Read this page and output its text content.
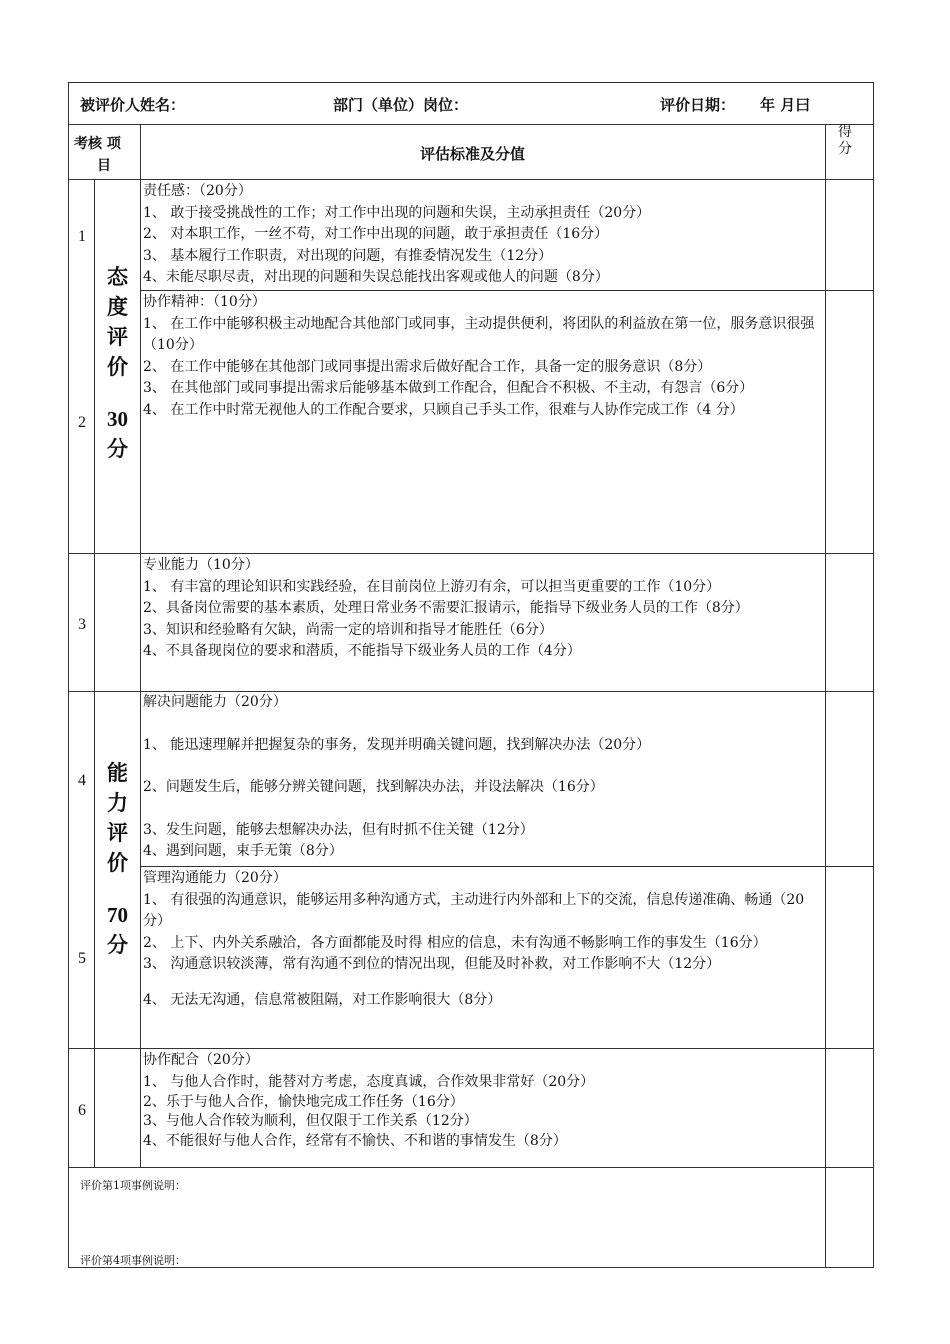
被评价人姓名：	部门（单位）岗位：	评价日期： 年 月曰
考核 项
目
评估标准及分值
得
分
1
2
3
4
5
6
态
度
评
价
30
分
能
力
评
价
70
分
责任感：（20分）
1、 敢于接受挑战性的工作；对工作中出现的问题和失误，主动承担责任（20分）
2、 对本职工作，一丝不苟，对工作中出现的问题，敢于承担责任（16分）
3、 基本履行工作职责，对出现的问题，有推委情况发生（12分）
4、未能尽职尽责，对出现的问题和失误总能找出客观或他人的问题（8分）
协作精神：（10分）
1、 在工作中能够积极主动地配合其他部门或同事，主动提供便利，将团队的利益放在第一位，服务意识很强（10分）
2、 在工作中能够在其他部门或同事提出需求后做好配合工作，具备一定的服务意识（8分）
3、 在其他部门或同事提出需求后能够基本做到工作配合，但配合不积极、不主动，有怨言（6分）
4、 在工作中时常无视他人的工作配合要求，只顾自己手头工作，很难与人协作完成工作（4 分）
专业能力（10分）
1、 有丰富的理论知识和实践经验，在目前岗位上游刃有余，可以担当更重要的工作（10分）
2、具备岗位需要的基本素质，处理日常业务不需要汇报请示，能指导下级业务人员的工作（8分）
3、知识和经验略有欠缺，尚需一定的培训和指导才能胜任（6分）
4、不具备现岗位的要求和潜质，不能指导下级业务人员的工作（4分）
解决问题能力（20分）
1、 能迅速理解并把握复杂的事务，发现并明确关键问题，找到解决办法（20分）
2、问题发生后，能够分辨关键问题，找到解决办法，并设法解决（16分）
3、发生问题，能够去想解决办法，但有时抓不住关键（12分）
4、遇到问题，束手无策（8分）
管理沟通能力（20分）
1、 有很强的沟通意识，能够运用多种沟通方式，主动进行内外部和上下的交流，信息传递准确、畅通（20分）
2、 上下、内外关系融洽，各方面都能及时得 相应的信息，未有沟通不畅影响工作的事发生（16分）
3、 沟通意识较淡薄，常有沟通不到位的情况出现，但能及时补救，对工作影响不大（12分）
4、 无法无沟通，信息常被阻隔，对工作影响很大（8分）
协作配合（20分）
1、 与他人合作时，能替对方考虑，态度真诚，合作效果非常好（20分）
2、乐于与他人合作，愉快地完成工作任务（16分）
3、与他人合作较为顺利，但仅限于工作关系（12分）
4、不能很好与他人合作，经常有不愉快、不和谐的事情发生（8分）
评价第1项事例说明：
评价第4项事例说明：
